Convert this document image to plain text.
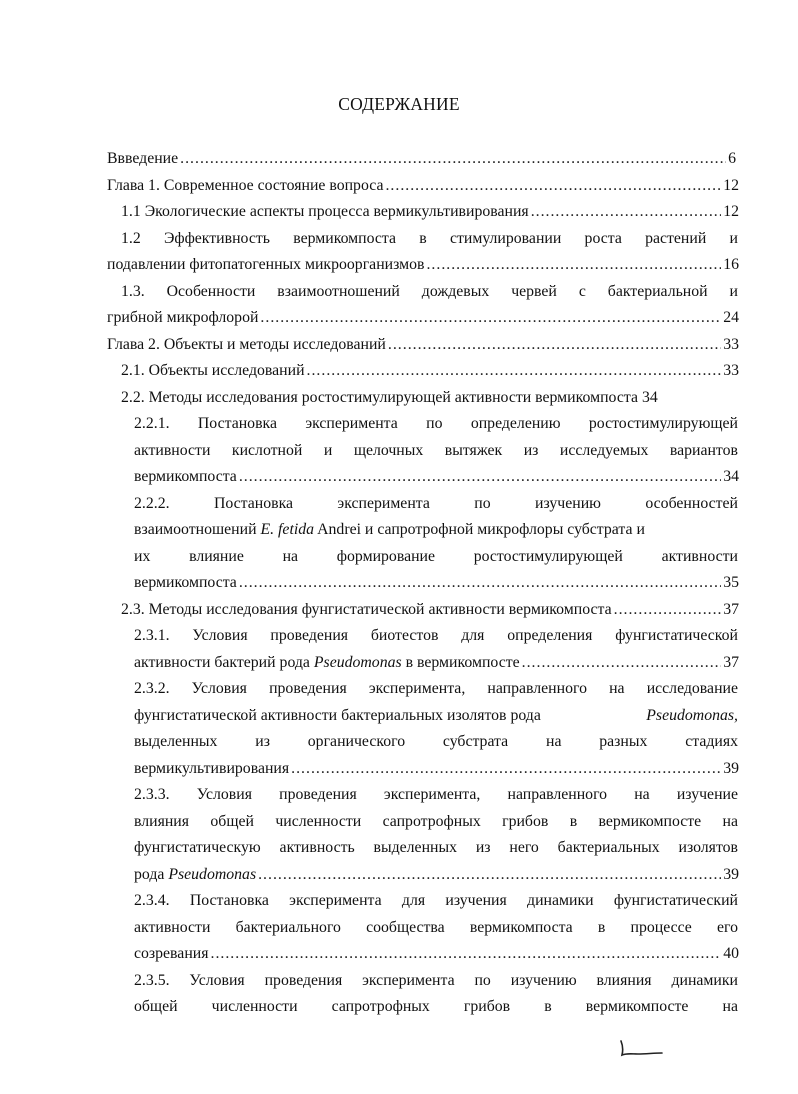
СОДЕРЖАНИЕ
Ввведение .....	6
Глава 1. Современное состояние вопроса .....	12
1.1 Экологические аспекты процесса вермикультивирования .....	12
1.2 Эффективность вермикомпоста в стимулировании роста растений и
подавлении фитопатогенных микроорганизмов .....	16
1.3. Особенности взаимоотношений дождевых червей с бактериальной и
грибной микрофлорой .....	24
Глава 2. Объекты и методы исследований .....	33
2.1. Объекты исследований .....	33
2.2. Методы исследования ростостимулирующей активности вермикомпоста 34
2.2.1. Постановка эксперимента по определению ростостимулирующей
активности кислотной и щелочных вытяжек из исследуемых вариантов
вермикомпоста .....	34
2.2.2. Постановка эксперимента по изучению особенностей
взаимоотношений E. fetida Andrei и сапротрофной микрофлоры субстрата и
их влияние на формирование ростостимулирующей активности
вермикомпоста .....	35
2.3. Методы исследования фунгистатической активности вермикомпоста .....	37
2.3.1. Условия проведения биотестов для определения фунгистатической
активности бактерий рода Pseudomonas в вермикомпосте .....	37
2.3.2. Условия проведения эксперимента, направленного на исследование
фунгистатической активности бактериальных изолятов рода	Pseudomonas,
выделенных из органического субстрата на разных стадиях
вермикультивирования .....	39
2.3.3. Условия проведения эксперимента, направленного на изучение
влияния общей численности сапротрофных грибов в вермикомпосте на
фунгистатическую активность выделенных из него бактериальных изолятов
рода Pseudomonas .....	39
2.3.4. Постановка эксперимента для изучения динамики фунгистатический
активности бактериального сообщества вермикомпоста в процессе его
созревания .....	40
2.3.5. Условия проведения эксперимента по изучению влияния динамики
общей численности сапротрофных грибов в вермикомпосте на
